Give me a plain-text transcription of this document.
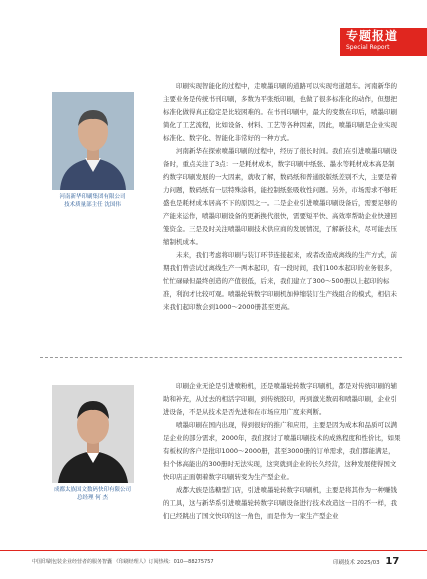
专题报道
Special Report
河南新华印刷集团有限公司
技术质量部主任 沈国伟

印刷实现智能化的过程中，走喷墨印刷的道路可以实现弯道超车。河南新华的主要业务是传统书刊印刷，多数为平张纸印刷，也做了很多标准化的动作，但想把标准化做得真正稳定是比较困难的。在书刊印刷中，最大的变数在印后，喷墨印刷简化了工艺流程，比如设备、材料、工艺等各种因素，因此，喷墨印刷是企业实现标准化、数字化、智能化非常好的一种方式。

河南新华在探索喷墨印刷的过程中，经历了很长时间。我们在引进喷墨印刷设备时，重点关注了3点：一是耗材成本，数字印刷中纸张、墨水等耗材成本高是制约数字印刷发展的一大因素，就收了解，数码纸和普通胶版纸差别不大，主要是着力问题，数码纸有一层特殊涂料，能控制纸张吸收性问题。另外，市场需求不够旺盛也是耗材成本居高不下的原因之一。二是企业引进喷墨印刷设备后，需要足够的产能来运作，喷墨印刷设备的更新换代很快，需要短平快、高效率帮助企业快速回笼资金。三是及时关注喷墨印刷技术供应商的发展情况，了解新技术，尽可能去压缩制机成本。

未来，我们考虑将印刷与装订环节连接起来，或者改造成离线的生产方式，前期我们曾尝试过离线生产一两本起印，有一段时间，我们100本起印的业务很多，忙忙碌碌但最终创造的产值很低，后来，我们建立了300～500册以上起印的标准，利润才比较可观。喷墨轮转数字印刷机加伸缩装订生产线组合的模式，相信未来我们起印数会到1000～2000册甚至更高。

成都太族国文数码快印有限公司
总经理 何 杰

印刷企业无论是引进喷粉机，还是喷墨轮转数字印刷机，都是对传统印刷的辅助和补充，从过去的相活字印刷，到传统胶印，再到激光数码和喷墨印刷，企业引进设备，不是从技术是否先进和在市场应用广度来判断。

喷墨印刷在国内出现，得到很好的推广和应用，主要是因为成本和品质可以满足企业的部分需求，2000年，我们探讨了喷墨印刷技术的成熟程度和性价比，如果有板权的客户是批印1000～2000册，甚至3000册的订单需求，我们都能满足，但个体高能出的300册时无法实现，这突就到企业的长久经营，这种发展使得国文快印店正面朝着数字印刷转变为生产型企业。

成都大族是选糖型门店，引进喷墨轮转数字印刷机，主要是将其作为一种赚钱的工具，这与新华系引进喷墨轮转数字印刷设备进行技术改造这一目的不一样，我们已经跳出了国文快印的这一角色，而是作为一家生产型企业

中国印刷包装企业经营者的服务智囊 《印刷经理人》订阅热线：010—88275757	印刷技术 2025/03 17
